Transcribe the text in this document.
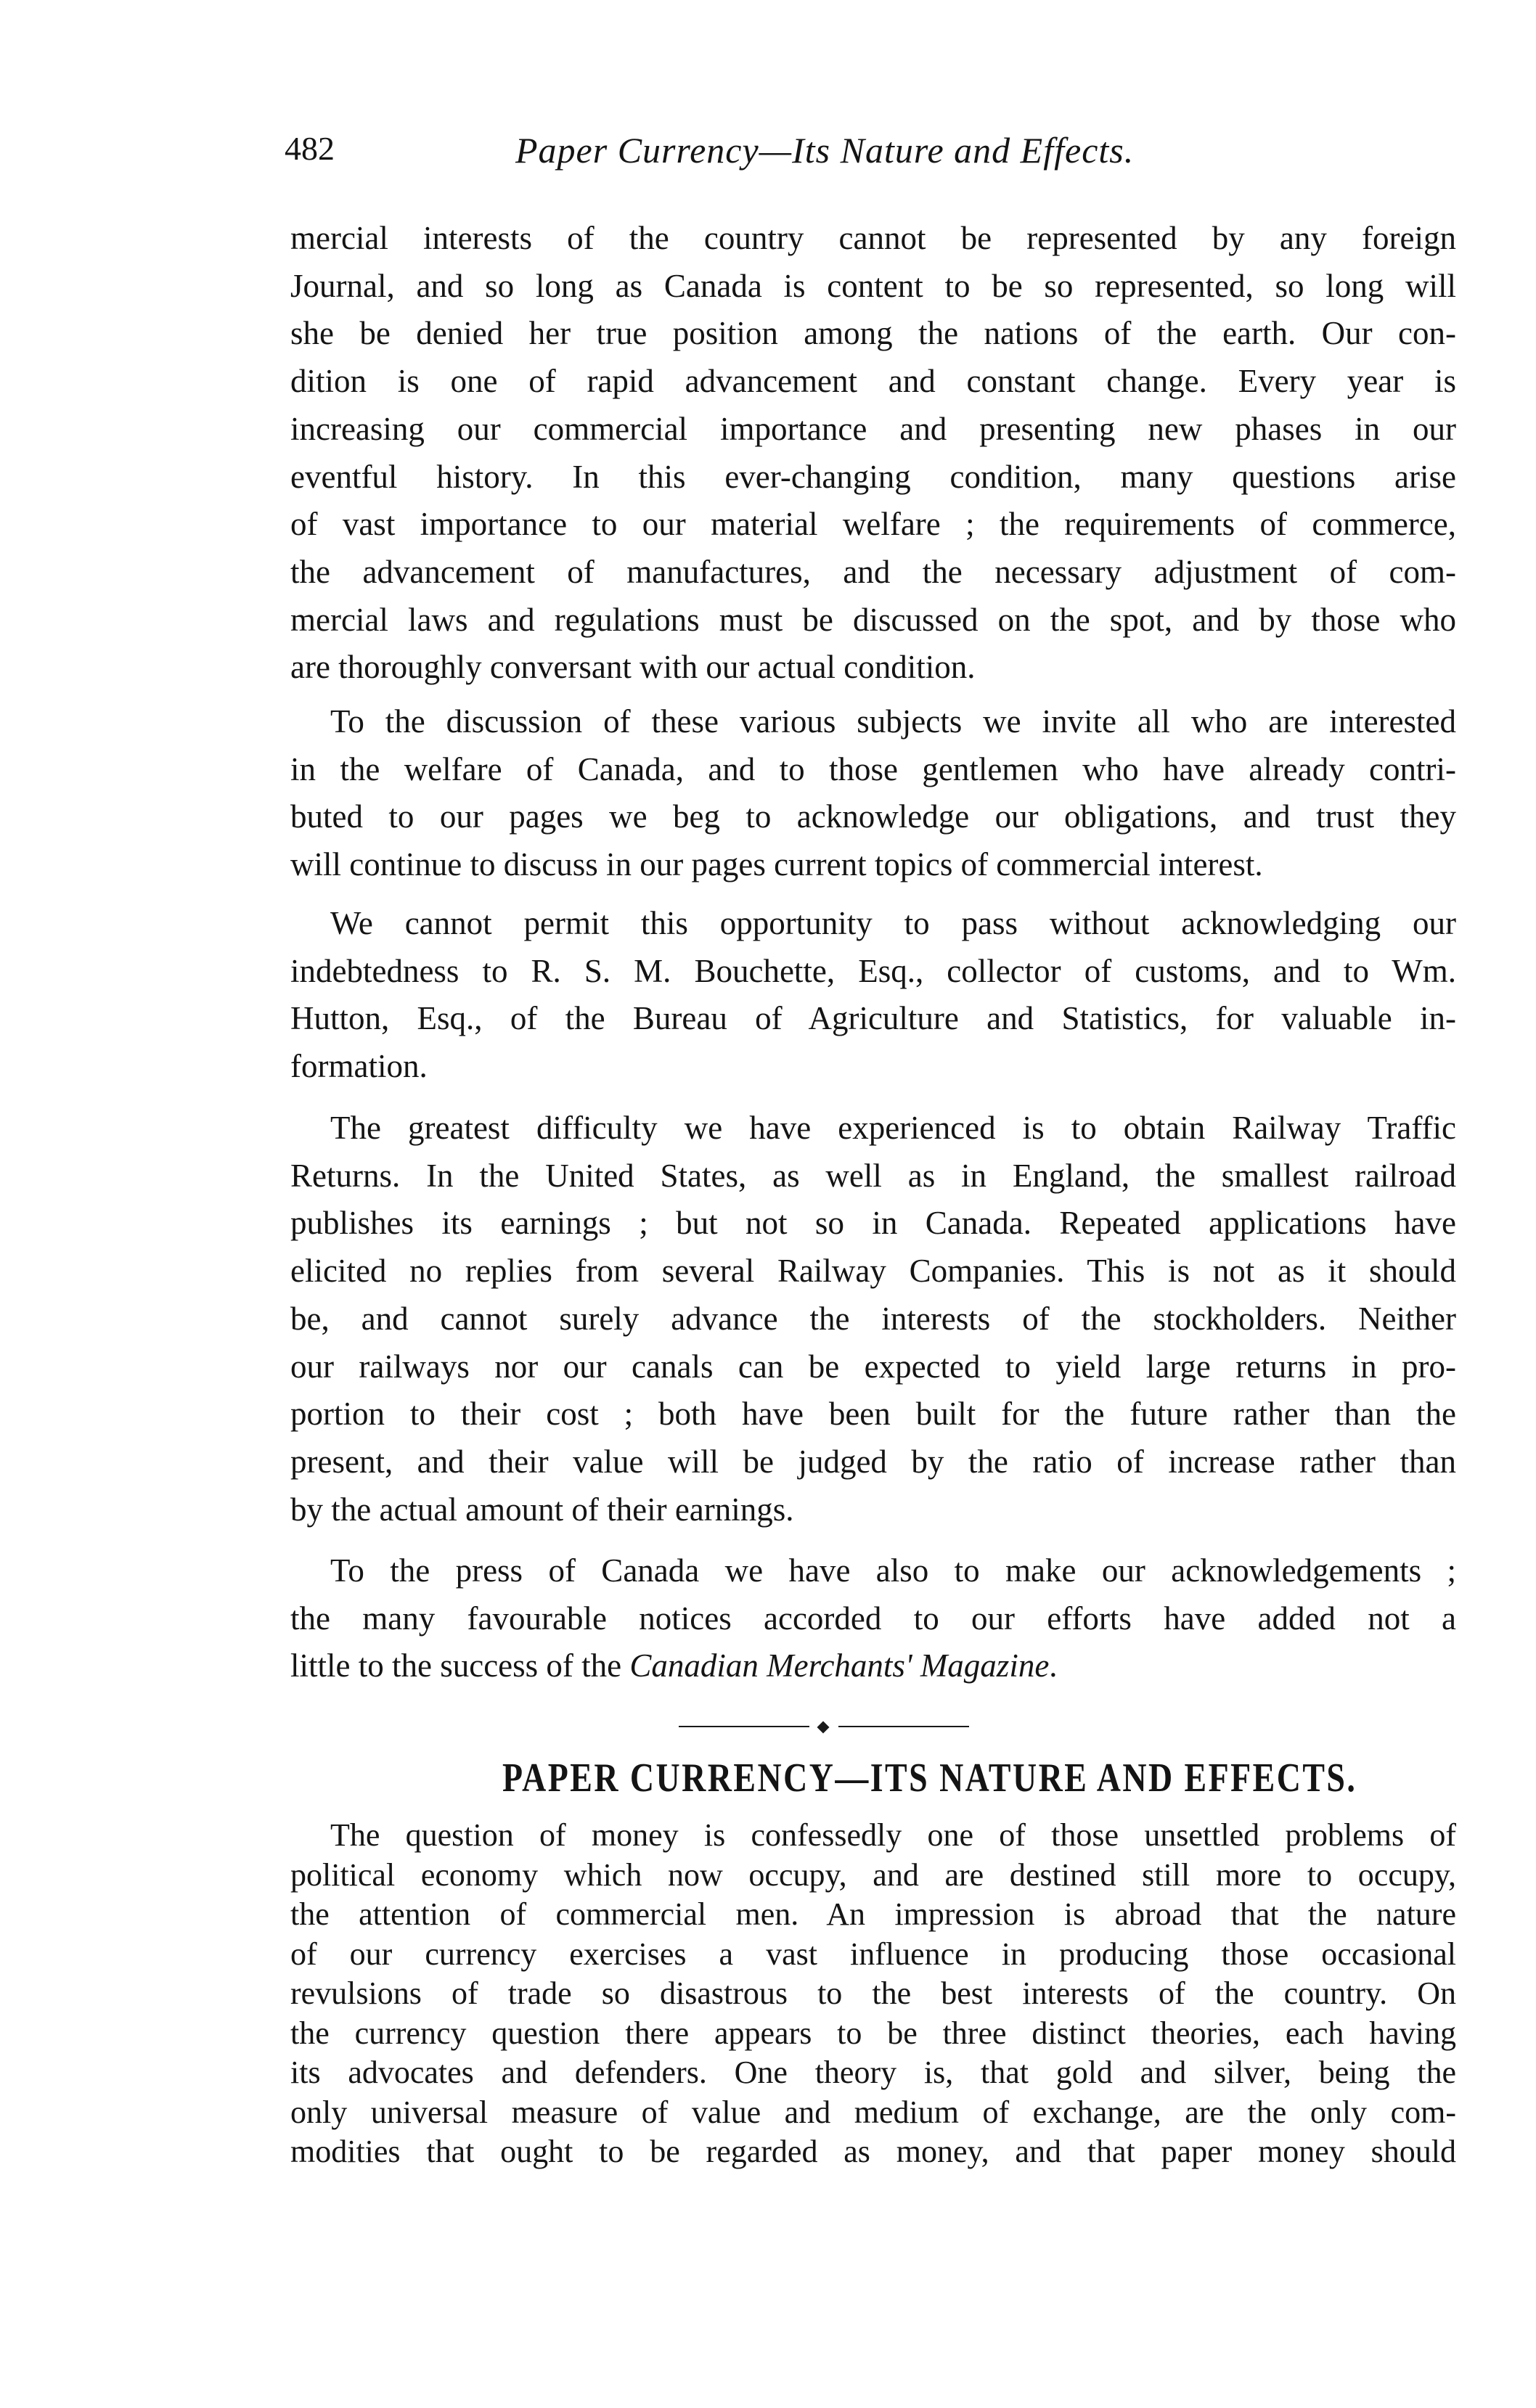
482	Paper Currency—Its Nature and Effects.

mercial interests of the country cannot be represented by any foreign
Journal, and so long as Canada is content to be so represented, so long will
she be denied her true position among the nations of the earth. Our con-
dition is one of rapid advancement and constant change. Every year is
increasing our commercial importance and presenting new phases in our
eventful history. In this ever-changing condition, many questions arise
of vast importance to our material welfare ; the requirements of commerce,
the advancement of manufactures, and the necessary adjustment of com-
mercial laws and regulations must be discussed on the spot, and by those who
are thoroughly conversant with our actual condition.

To the discussion of these various subjects we invite all who are interested
in the welfare of Canada, and to those gentlemen who have already contri-
buted to our pages we beg to acknowledge our obligations, and trust they
will continue to discuss in our pages current topics of commercial interest.

We cannot permit this opportunity to pass without acknowledging our
indebtedness to R. S. M. Bouchette, Esq., collector of customs, and to Wm.
Hutton, Esq., of the Bureau of Agriculture and Statistics, for valuable in-
formation.

The greatest difficulty we have experienced is to obtain Railway Traffic
Returns. In the United States, as well as in England, the smallest railroad
publishes its earnings ; but not so in Canada. Repeated applications have
elicited no replies from several Railway Companies. This is not as it should
be, and cannot surely advance the interests of the stockholders. Neither
our railways nor our canals can be expected to yield large returns in pro-
portion to their cost ; both have been built for the future rather than the
present, and their value will be judged by the ratio of increase rather than
by the actual amount of their earnings.

To the press of Canada we have also to make our acknowledgements ;
the many favourable notices accorded to our efforts have added not a
little to the success of the Canadian Merchants' Magazine.

PAPER CURRENCY—ITS NATURE AND EFFECTS.

The question of money is confessedly one of those unsettled problems of
political economy which now occupy, and are destined still more to occupy,
the attention of commercial men. An impression is abroad that the nature
of our currency exercises a vast influence in producing those occasional
revulsions of trade so disastrous to the best interests of the country. On
the currency question there appears to be three distinct theories, each having
its advocates and defenders. One theory is, that gold and silver, being the
only universal measure of value and medium of exchange, are the only com-
modities that ought to be regarded as money, and that paper money should
